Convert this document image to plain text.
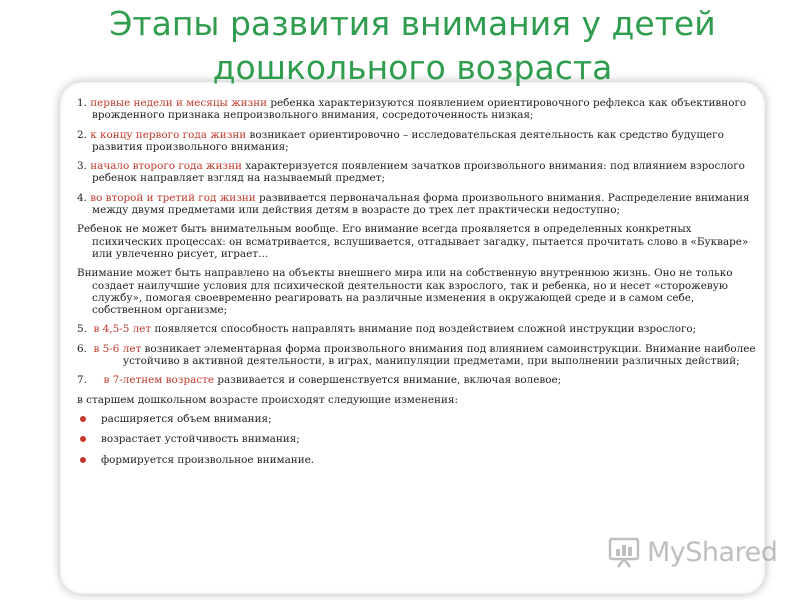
Этапы развития внимания у детей
дошкольного возраста

1. первые недели и месяцы жизни ребенка характеризуются появлением ориентировочного рефлекса как объективного врожденного признака непроизвольного внимания, сосредоточенность низкая;

2. к концу первого года жизни возникает ориентировочно – исследовательская деятельность как средство будущего развития произвольного внимания;

3. начало второго года жизни характеризуется появлением зачатков произвольного внимания: под влиянием взрослого ребенок направляет взгляд на называемый предмет;

4. во второй и третий год жизни развивается первоначальная форма произвольного внимания. Распределение внимания между двумя предметами или действия детям в возрасте до трех лет практически недоступно;

Ребенок не может быть внимательным вообще. Его внимание всегда проявляется в определенных конкретных психических процессах: он всматривается, вслушивается, отгадывает загадку, пытается прочитать слово в «Букваре» или увлеченно рисует, играет…

Внимание может быть направлено на объекты внешнего мира или на собственную внутреннюю жизнь. Оно не только создает наилучшие условия для психической деятельности как взрослого, так и ребенка, но и несет «сторожевую службу», помогая своевременно реагировать на различные изменения в окружающей среде и в самом себе, собственном организме;

5. в 4,5-5 лет появляется способность направлять внимание под воздействием сложной инструкции взрослого;

6. в 5-6 лет возникает элементарная форма произвольного внимания под влиянием самоинструкции. Внимание наиболее устойчиво в активной деятельности, в играх, манипуляции предметами, при выполнении различных действий;

7. в 7-летнем возрасте развивается и совершенствуется внимание, включая волевое;

в старшем дошкольном возрасте происходят следующие изменения:

расширяется объем внимания;
возрастает устойчивость внимания;
формируется произвольное внимание.
MyShared
